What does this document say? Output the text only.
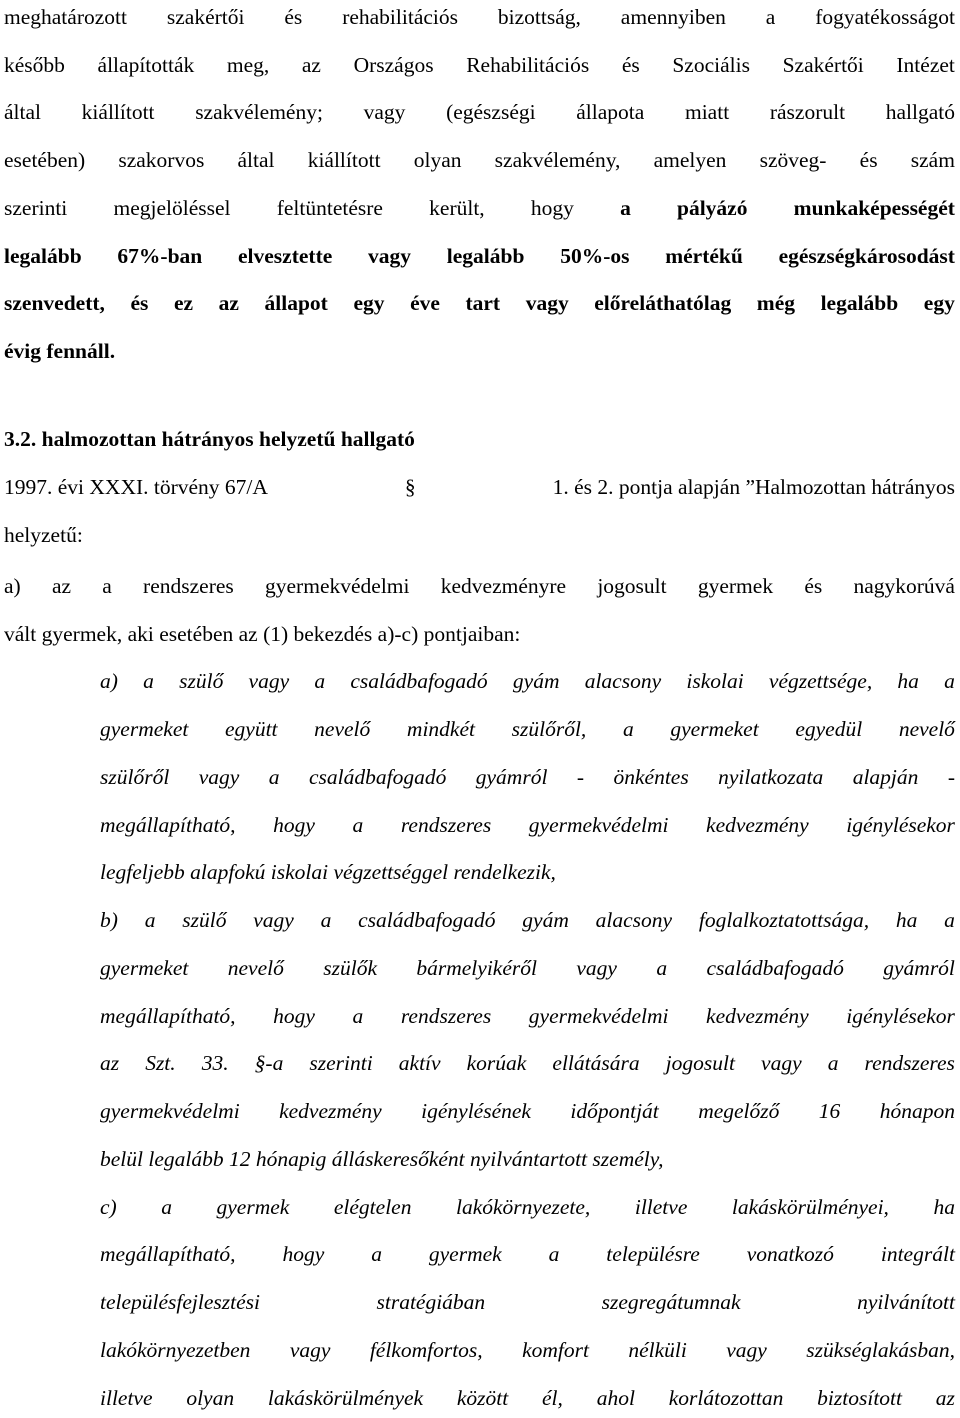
meghatározott szakértői és rehabilitációs bizottság, amennyiben a fogyatékosságot
később állapították meg, az Országos Rehabilitációs és Szociális Szakértői Intézet
által kiállított szakvélemény; vagy (egészségi állapota miatt rászorult hallgató
esetében) szakorvos által kiállított olyan szakvélemény, amelyen szöveg- és szám
szerinti megjelöléssel feltüntetésre került, hogy a pályázó munkaképességét
legalább 67%-ban elvesztette vagy legalább 50%-os mértékű egészségkárosodást
szenvedett, és ez az állapot egy éve tart vagy előreláthatólag még legalább egy
évig fennáll.
3.2. halmozottan hátrányos helyzetű hallgató
1997. évi XXXI. törvény 67/A	§	1. és 2. pontja alapján ”Halmozottan hátrányos
helyzetű:
a) az a rendszeres gyermekvédelmi kedvezményre jogosult gyermek és nagykorúvá
vált gyermek, aki esetében az (1) bekezdés a)-c) pontjaiban:
a) a szülő vagy a családbafogadó gyám alacsony iskolai végzettsége, ha a
gyermeket együtt nevelő mindkét szülőről, a gyermeket egyedül nevelő
szülőről vagy a családbafogadó gyámról - önkéntes nyilatkozata alapján -
megállapítható, hogy a rendszeres gyermekvédelmi kedvezmény igénylésekor
legfeljebb alapfokú iskolai végzettséggel rendelkezik,
b) a szülő vagy a családbafogadó gyám alacsony foglalkoztatottsága, ha a
gyermeket nevelő szülők bármelyikéről vagy a családbafogadó gyámról
megállapítható, hogy a rendszeres gyermekvédelmi kedvezmény igénylésekor
az Szt. 33. §-a szerinti aktív korúak ellátására jogosult vagy a rendszeres
gyermekvédelmi kedvezmény igénylésének időpontját megelőző 16 hónapon
belül legalább 12 hónapig álláskeresőként nyilvántartott személy,
c) a gyermek elégtelen lakókörnyezete, illetve lakáskörülményei, ha
megállapítható, hogy a gyermek a településre vonatkozó integrált
településfejlesztési	stratégiában	szegregátumnak	nyilvánított
lakókörnyezetben vagy félkomfortos, komfort nélküli vagy szükséglakásban,
illetve olyan lakáskörülmények között él, ahol korlátozottan biztosított az
